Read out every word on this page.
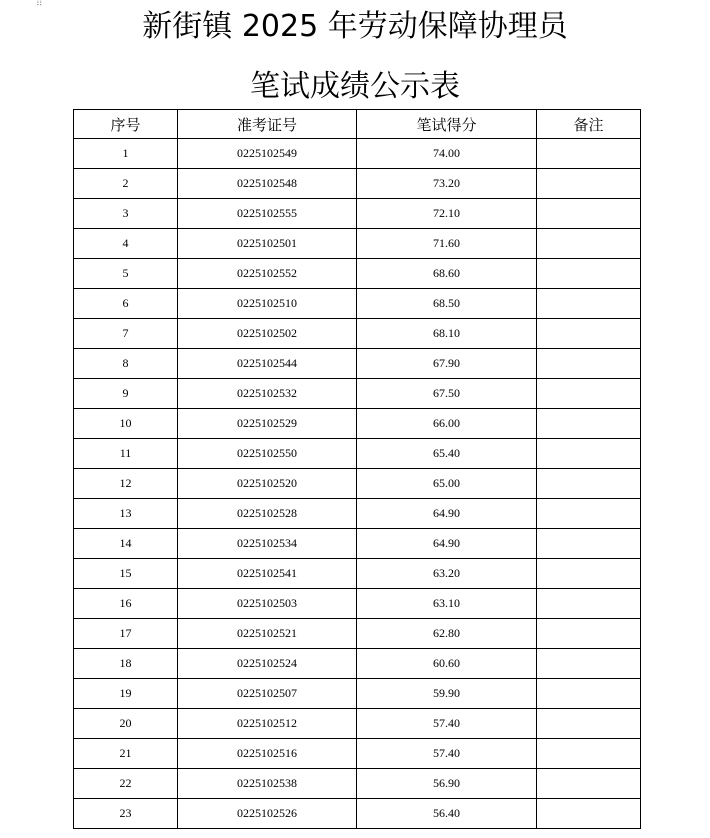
⠿
新街镇 2025 年劳动保障协理员
笔试成绩公示表
序号	准考证号	笔试得分	备注
1	0225102549	74.00	
2	0225102548	73.20	
3	0225102555	72.10	
4	0225102501	71.60	
5	0225102552	68.60	
6	0225102510	68.50	
7	0225102502	68.10	
8	0225102544	67.90	
9	0225102532	67.50	
10	0225102529	66.00	
11	0225102550	65.40	
12	0225102520	65.00	
13	0225102528	64.90	
14	0225102534	64.90	
15	0225102541	63.20	
16	0225102503	63.10	
17	0225102521	62.80	
18	0225102524	60.60	
19	0225102507	59.90	
20	0225102512	57.40	
21	0225102516	57.40	
22	0225102538	56.90	
23	0225102526	56.40	
